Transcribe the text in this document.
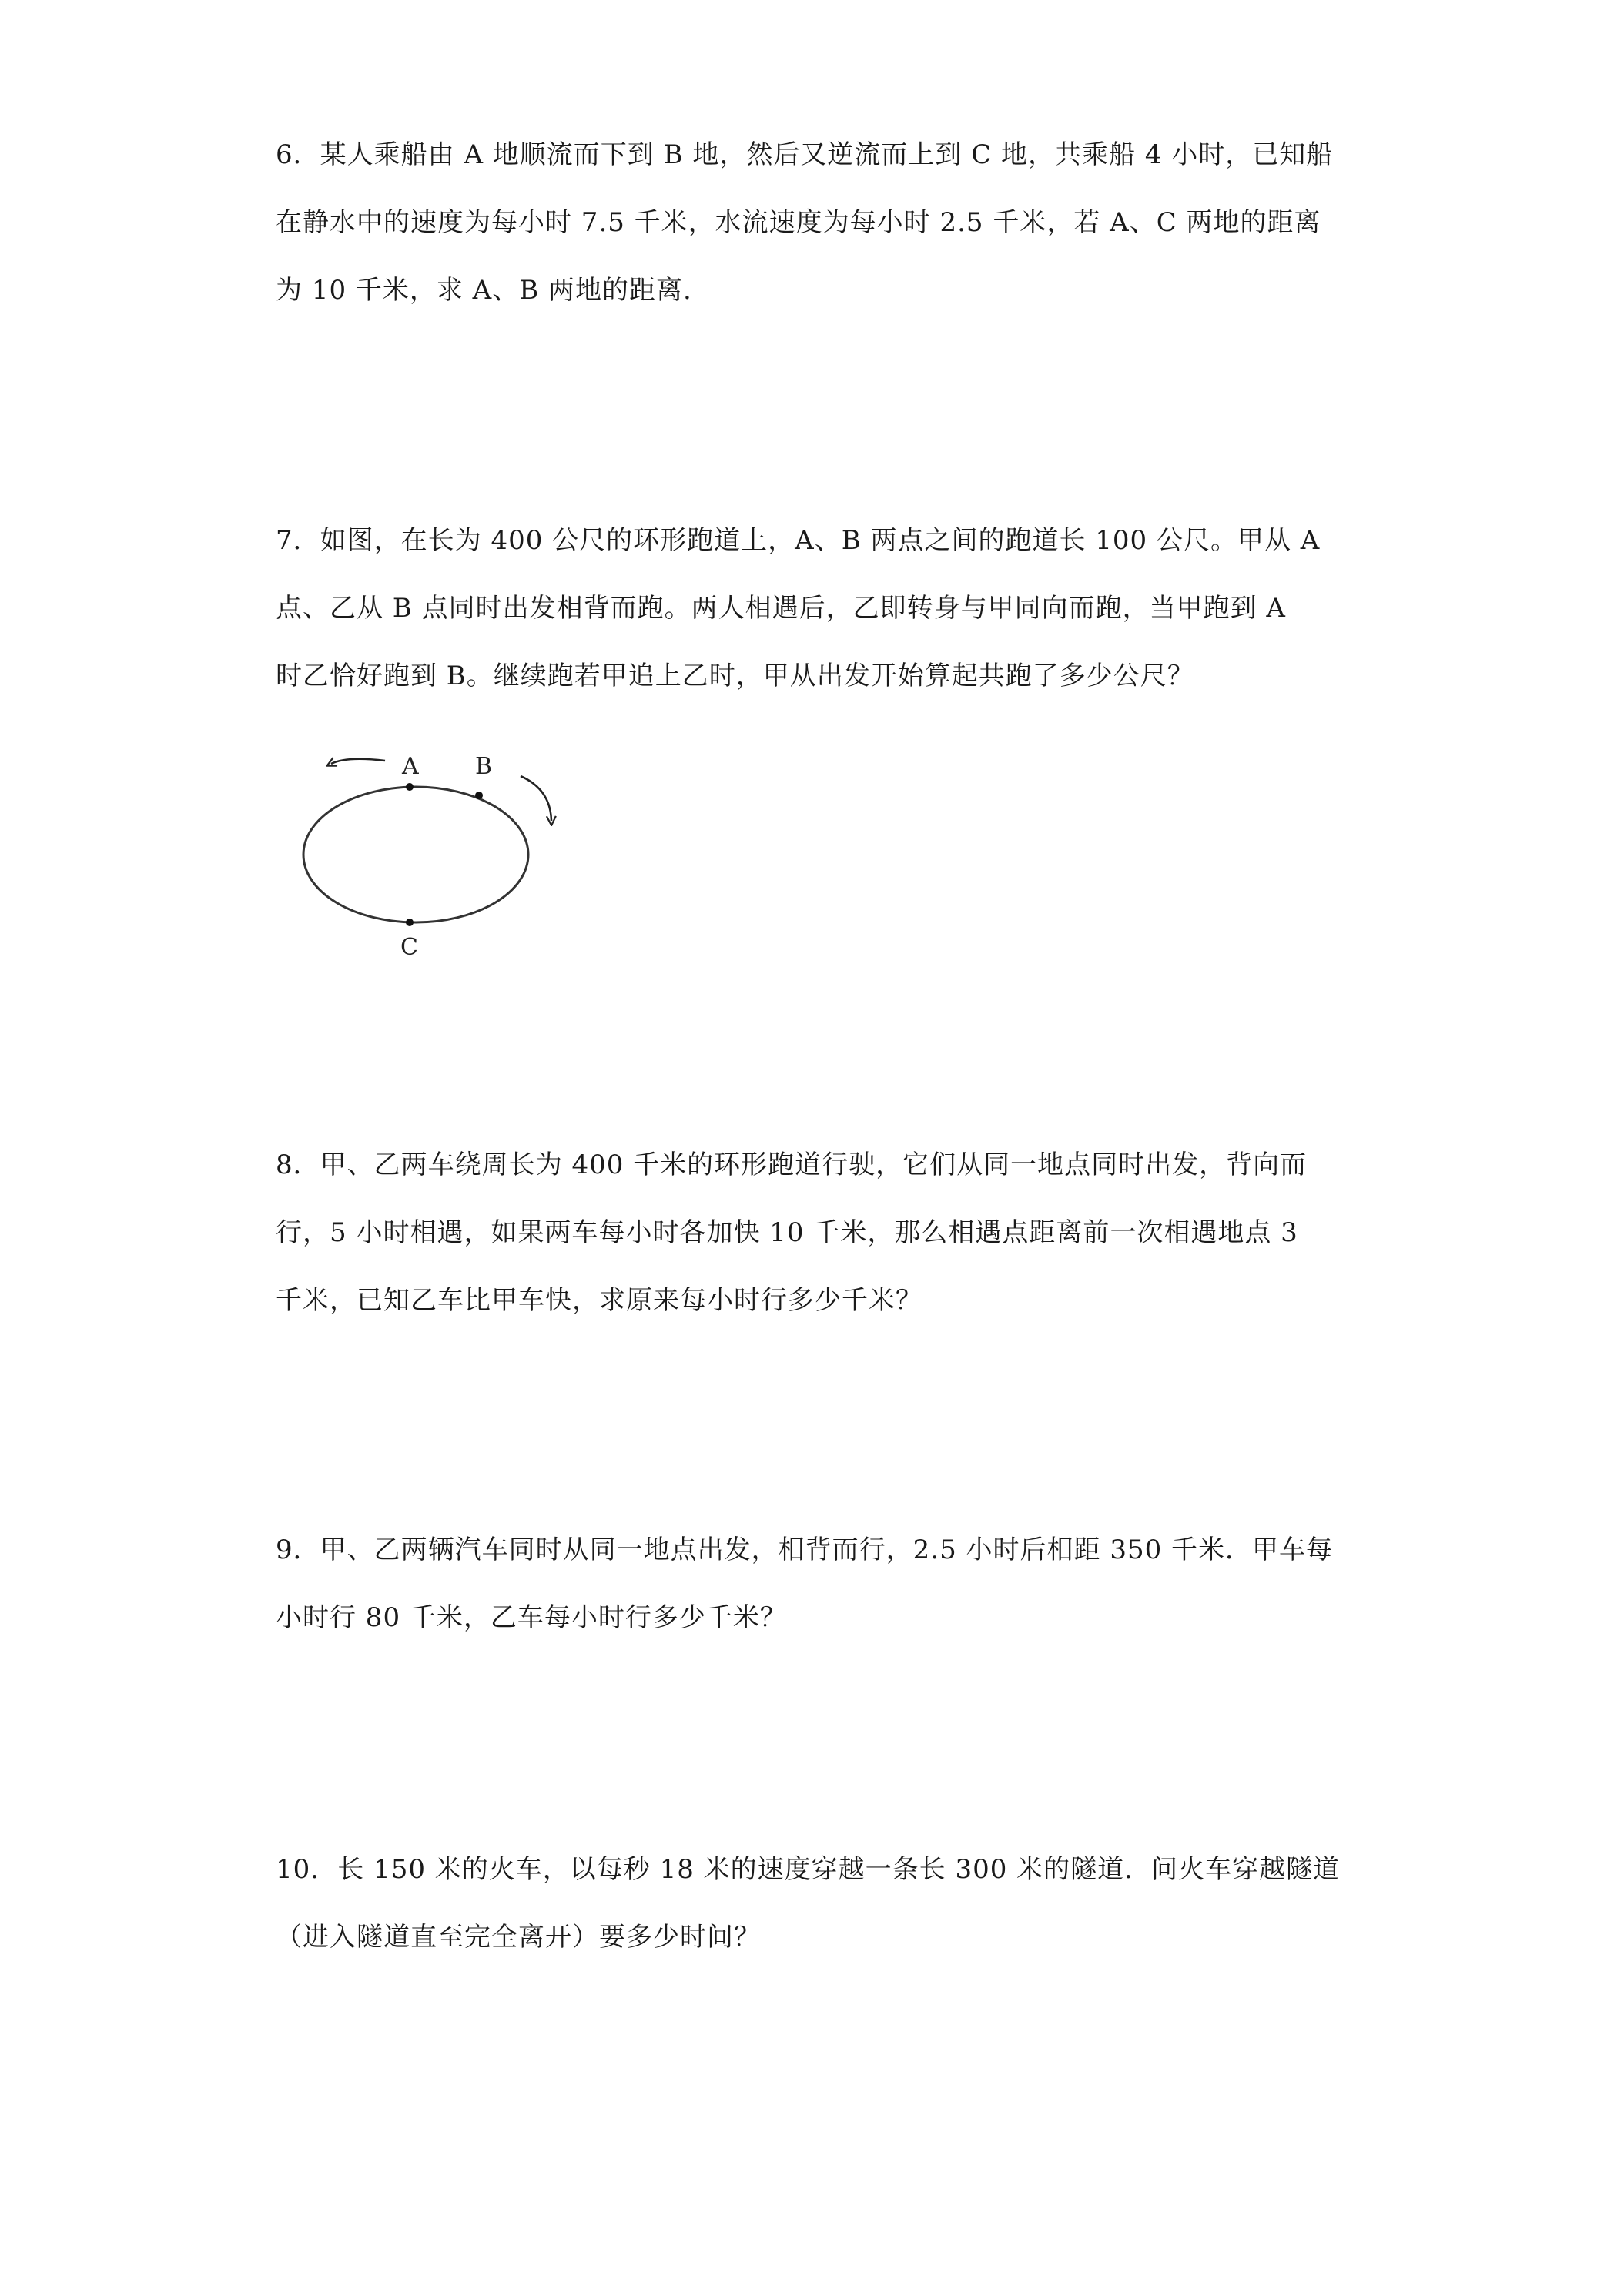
6．某人乘船由 A 地顺流而下到 B 地，然后又逆流而上到 C 地，共乘船 4 小时，已知船
在静水中的速度为每小时 7.5 千米，水流速度为每小时 2.5 千米，若 A、C 两地的距离
为 10 千米，求 A、B 两地的距离.
7．如图，在长为 400 公尺的环形跑道上，A、B 两点之间的跑道长 100 公尺。甲从 A
点、乙从 B 点同时出发相背而跑。两人相遇后，乙即转身与甲同向而跑，当甲跑到 A
时乙恰好跑到 B。继续跑若甲追上乙时，甲从出发开始算起共跑了多少公尺？
A B
C
8．甲、乙两车绕周长为 400 千米的环形跑道行驶，它们从同一地点同时出发，背向而
行，5 小时相遇，如果两车每小时各加快 10 千米，那么相遇点距离前一次相遇地点 3
千米，已知乙车比甲车快，求原来每小时行多少千米？
9．甲、乙两辆汽车同时从同一地点出发，相背而行，2.5 小时后相距 350 千米．甲车每
小时行 80 千米，乙车每小时行多少千米？
10．长 150 米的火车，以每秒 18 米的速度穿越一条长 300 米的隧道．问火车穿越隧道
（进入隧道直至完全离开）要多少时间？
